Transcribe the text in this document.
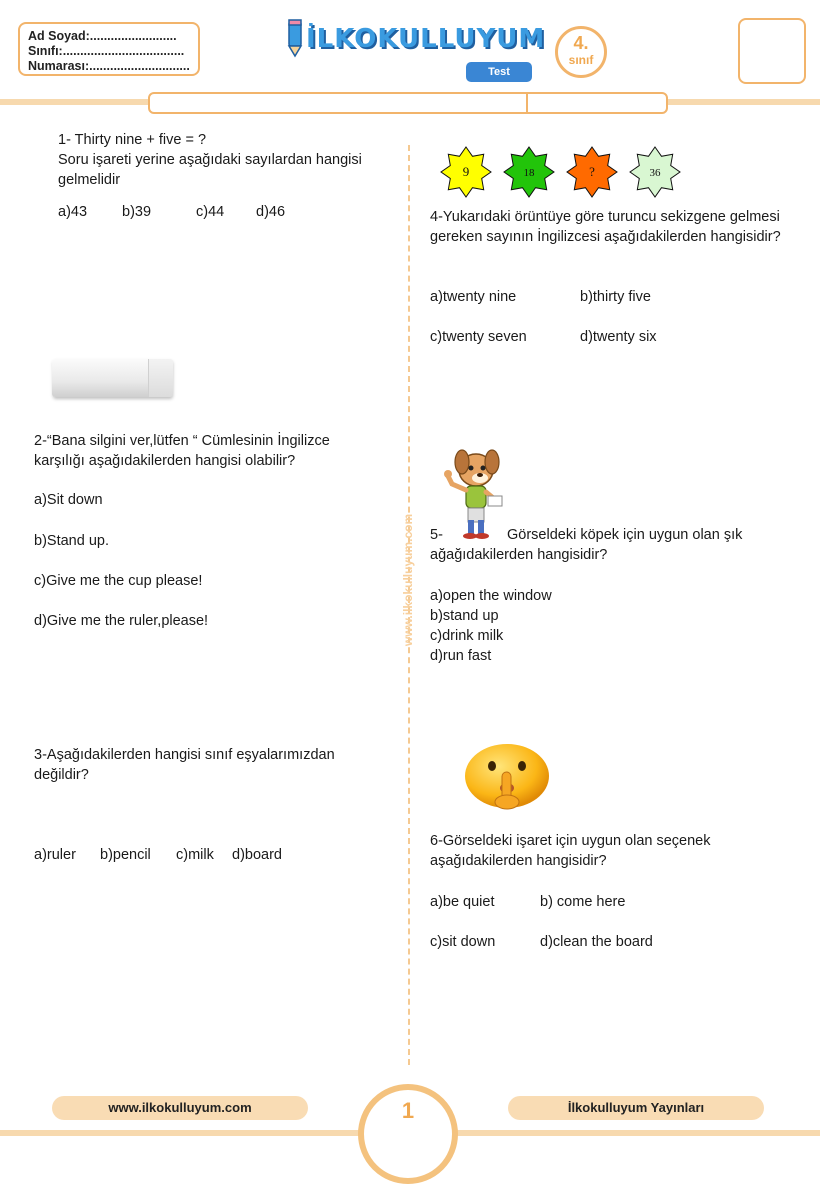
Ad Soyad:.........................
Sınıfı:...................................
Numarası:.............................
İLKOKULLUYUM
Test
4.
sınıf
www.ilkokulluyum.com
1- Thirty nine + five = ?
Soru işareti yerine aşağıdaki sayılardan hangisi
gelmelidir
a)43 b)39	c)44 d)46
2-“Bana silgini ver,lütfen “ Cümlesinin İngilizce
karşılığı aşağıdakilerden hangisi olabilir?
a)Sit down
b)Stand up.
c)Give me the cup please!
d)Give me the ruler,please!
3-Aşağıdakilerden hangisi sınıf eşyalarımızdan
değildir?
a)ruler b)pencil c)milk d)board
9	18	?	36
4-Yukarıdaki örüntüye göre turuncu sekizgene gelmesi
gereken sayının İngilizcesi aşağıdakilerden hangisidir?
a)twenty nine	b)thirty five
c)twenty seven	d)twenty six
5-	Görseldeki köpek için uygun olan şık
ağağıdakilerden hangisidir?
a)open the window
b)stand up
c)drink milk
d)run fast
6-Görseldeki işaret için uygun olan seçenek
aşağıdakilerden hangisidir?
a)be quiet	b) come here
c)sit down	d)clean the board
1
www.ilkokulluyum.com	İlkokulluyum Yayınları
